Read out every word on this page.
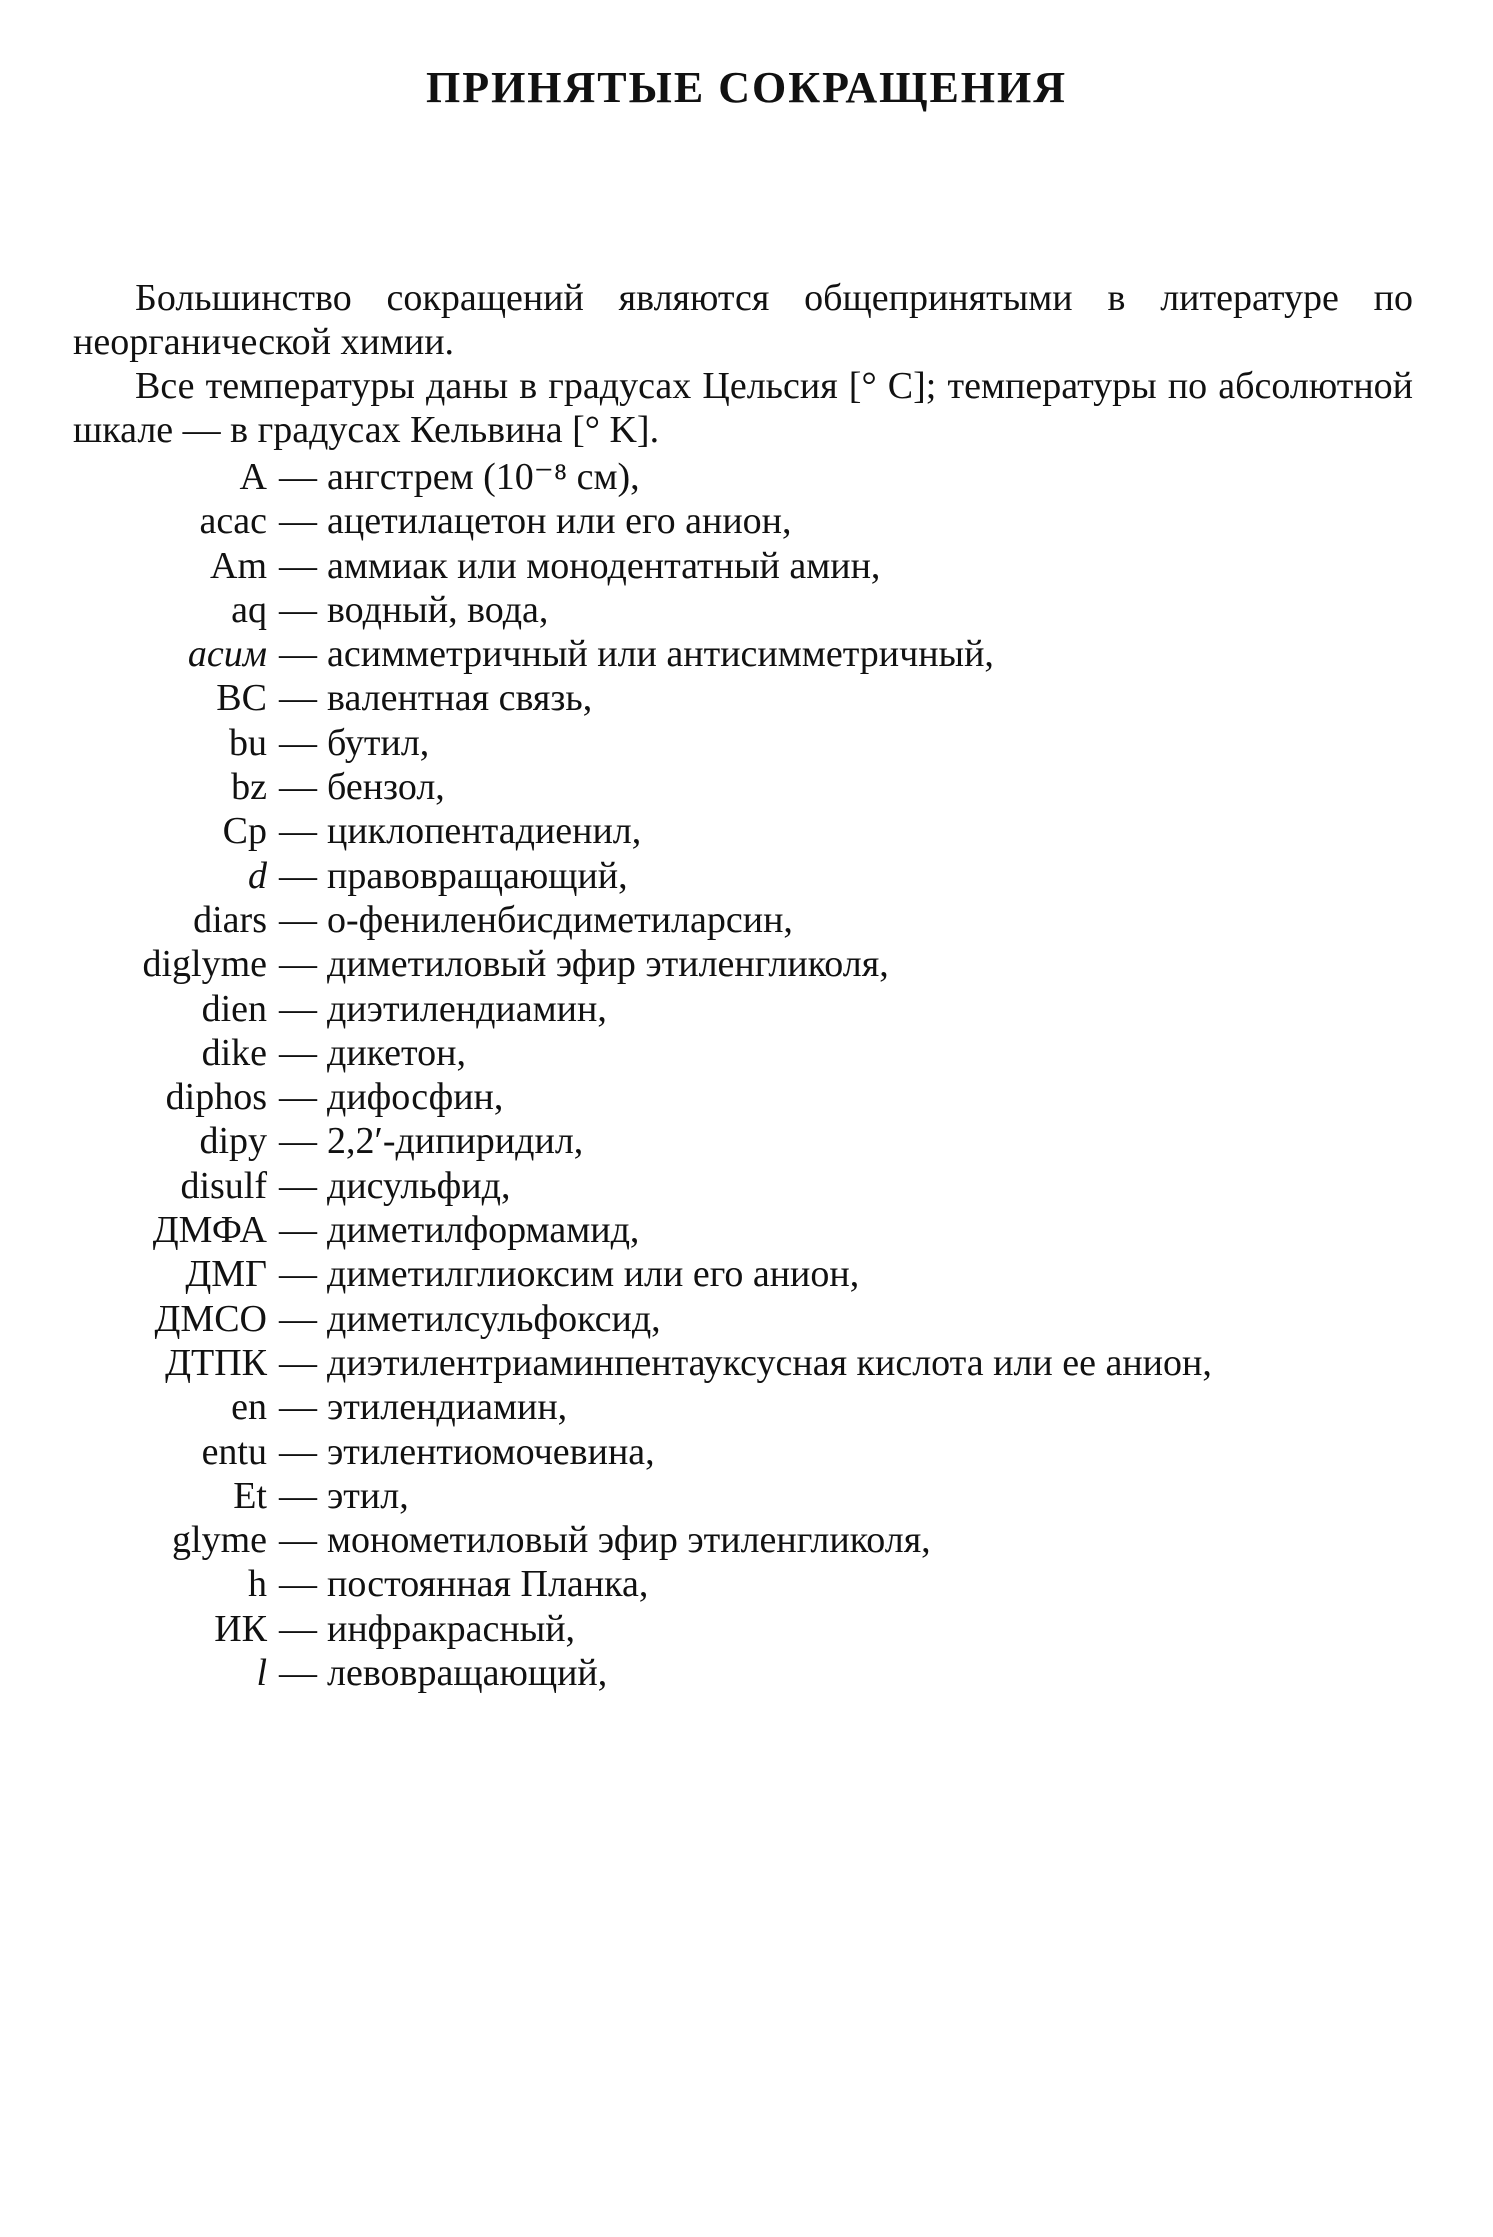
ПРИНЯТЫЕ СОКРАЩЕНИЯ

Большинство сокращений являются общепринятыми в литературе по неорганической химии.

Все температуры даны в градусах Цельсия [° C]; температуры по абсолютной шкале — в градусах Кельвина [° K].

A — ангстрем (10⁻⁸ см),
acac — ацетилацетон или его анион,
Am — аммиак или монодентатный амин,
aq — водный, вода,
асим — асимметричный или антисимметричный,
ВС — валентная связь,
bu — бутил,
bz — бензол,
Cp — циклопентадиенил,
d — правовращающий,
diars — о-фениленбисдиметиларсин,
diglyme — диметиловый эфир этиленгликоля,
dien — диэтилендиамин,
dike — дикетон,
diphos — дифосфин,
dipy — 2,2′-дипиридил,
disulf — дисульфид,
ДМФА — диметилформамид,
ДМГ — диметилглиоксим или его анион,
ДМСО — диметилсульфоксид,
ДТПК — диэтилентриаминпентауксусная кислота или ее анион,
en — этилендиамин,
entu — этилентиомочевина,
Et — этил,
glyme — монометиловый эфир этиленгликоля,
h — постоянная Планка,
ИК — инфракрасный,
l — левовращающий,
